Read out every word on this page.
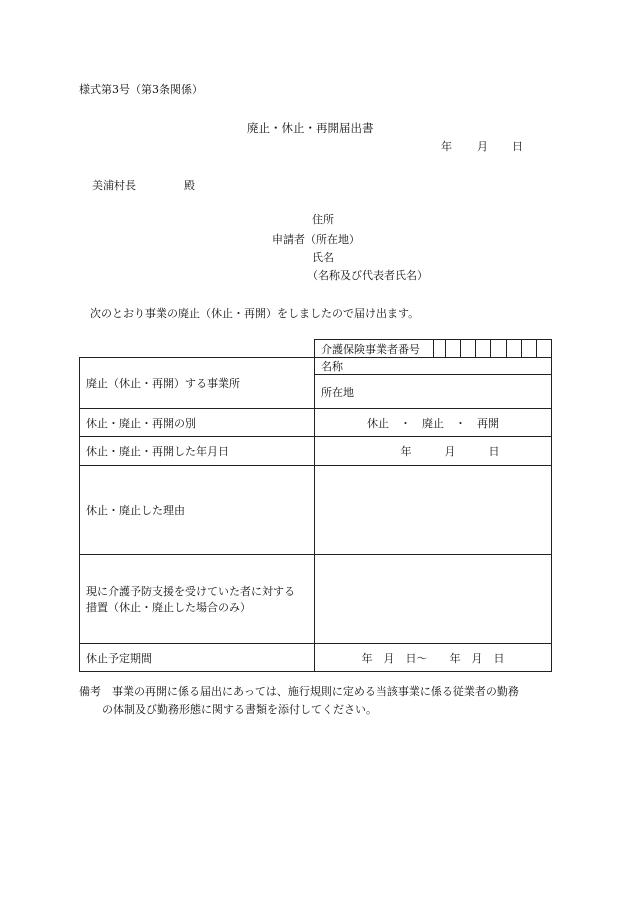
様式第3号（第3条関係）
廃止・休止・再開届出書
年 月 日
美浦村長	殿
住所
申請者（所在地）
氏名
（名称及び代表者氏名）
次のとおり事業の廃止（休止・再開）をしましたので届け出ます。
	介護保険事業者番号								
廃止（休止・再開）する事業所	名称								
	所在地								
休止・廃止・再開の別	休止　・　廃止　・　再開								
休止・廃止・再開した年月日	年　　　月　　　日								
休止・廃止した理由									

現に介護予防支援を受けていた者に対する
措置（休止・廃止した場合のみ）									

休止予定期間	年　月　日～　　年　月　日								
備考　事業の再開に係る届出にあっては、施行規則に定める当該事業に係る従業者の勤務
の体制及び勤務形態に関する書類を添付してください。
